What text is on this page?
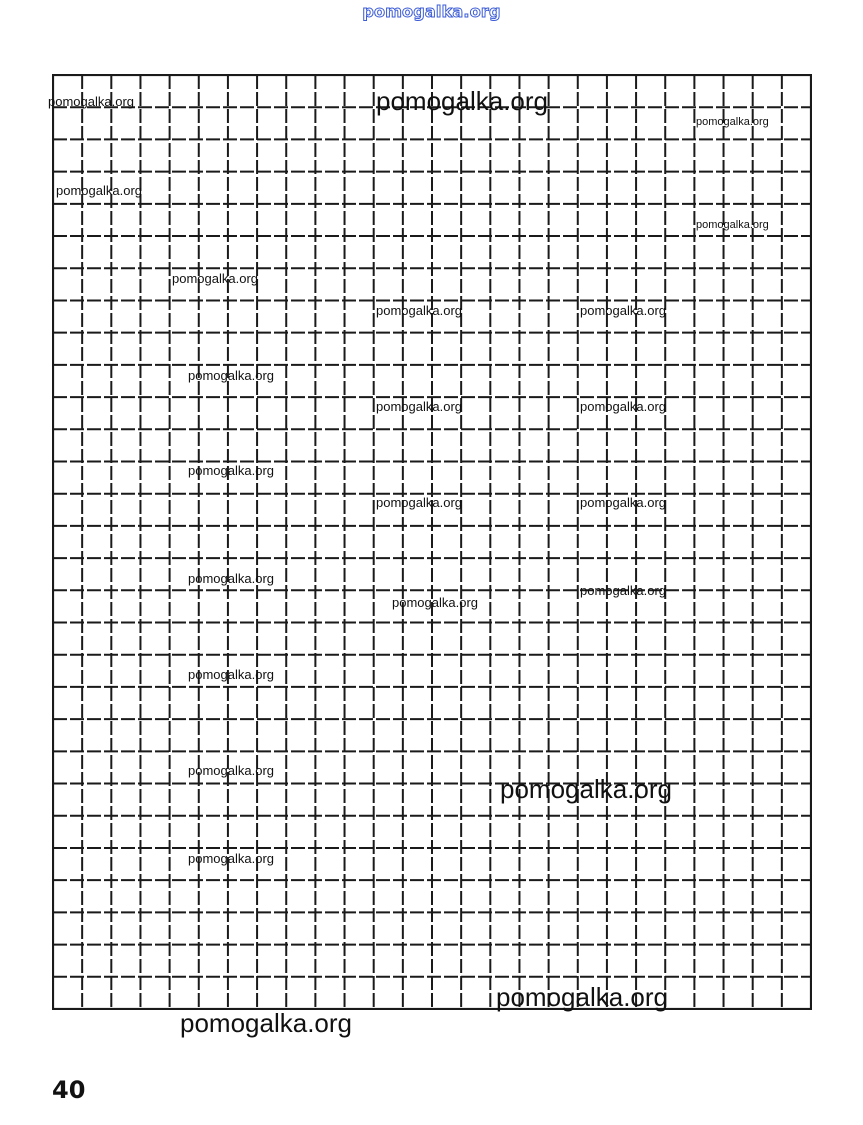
pomogalka.org
pomogalka.org	pomogalka.org
pomogalka.org
pomogalka.org
pomogalka.org
pomogalka.org
pomogalka.org	pomogalka.org
pomogalka.org
pomogalka.org	pomogalka.org
pomogalka.org
pomogalka.org	pomogalka.org
pomogalka.org
pomogalka.org
pomogalka.org
pomogalka.org
pomogalka.org
pomogalka.org
pomogalka.org
pomogalka.org
pomogalka.org
40
